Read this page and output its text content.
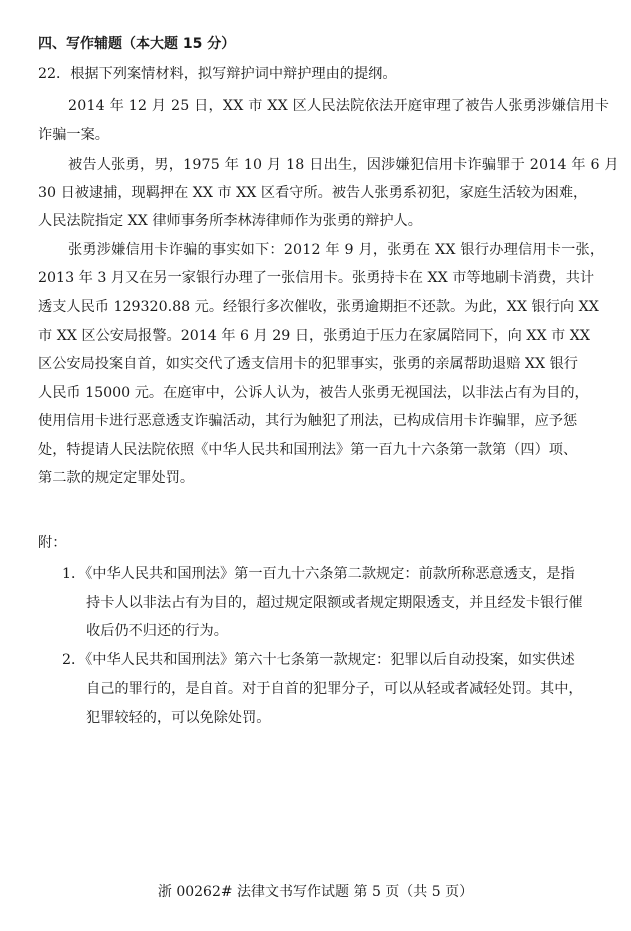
四、写作辅题（本大题 15 分）
22．根据下列案情材料，拟写辩护词中辩护理由的提纲。
2014 年 12 月 25 日，XX 市 XX 区人民法院依法开庭审理了被告人张勇涉嫌信用卡
诈骗一案。
被告人张勇，男，1975 年 10 月 18 日出生，因涉嫌犯信用卡诈骗罪于 2014 年 6 月
30 日被逮捕，现羁押在 XX 市 XX 区看守所。被告人张勇系初犯，家庭生活较为困难，
人民法院指定 XX 律师事务所李林涛律师作为张勇的辩护人。
张勇涉嫌信用卡诈骗的事实如下：2012 年 9 月，张勇在 XX 银行办理信用卡一张，
2013 年 3 月又在另一家银行办理了一张信用卡。张勇持卡在 XX 市等地刷卡消费，共计
透支人民币 129320.88 元。经银行多次催收，张勇逾期拒不还款。为此，XX 银行向 XX
市 XX 区公安局报警。2014 年 6 月 29 日，张勇迫于压力在家属陪同下，向 XX 市 XX
区公安局投案自首，如实交代了透支信用卡的犯罪事实，张勇的亲属帮助退赔 XX 银行
人民币 15000 元。在庭审中，公诉人认为，被告人张勇无视国法，以非法占有为目的，
使用信用卡进行恶意透支诈骗活动，其行为触犯了刑法，已构成信用卡诈骗罪，应予惩
处，特提请人民法院依照《中华人民共和国刑法》第一百九十六条第一款第（四）项、
第二款的规定定罪处罚。
附：
1．《中华人民共和国刑法》第一百九十六条第二款规定：前款所称恶意透支，是指
持卡人以非法占有为目的，超过规定限额或者规定期限透支，并且经发卡银行催
收后仍不归还的行为。
2．《中华人民共和国刑法》第六十七条第一款规定：犯罪以后自动投案，如实供述
自己的罪行的，是自首。对于自首的犯罪分子，可以从轻或者减轻处罚。其中，
犯罪较轻的，可以免除处罚。
浙 00262# 法律文书写作试题 第 5 页（共 5 页）
